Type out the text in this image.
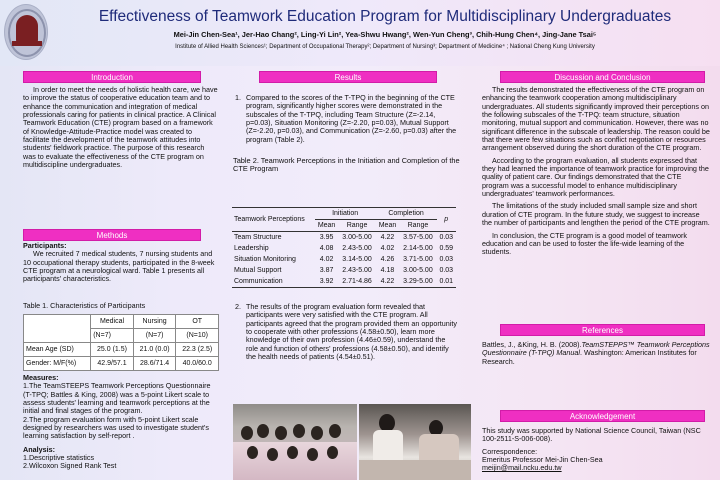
Effectiveness of Teamwork Education Program for Multidisciplinary Undergraduates
Mei-Jin Chen-Sea¹, Jer-Hao Chang², Ling-Yi Lin², Yea-Shwu Hwang², Wen-Yun Cheng³, Chih-Hung Chen⁴, Jing-Jane Tsai⁵
Institute of Allied Health Sciences¹; Department of Occupational Therapy²; Department of Nursing³; Department of Medicine⁴ ; National Cheng Kung University
Introduction

In order to meet the needs of holistic health care, we have to improve the status of cooperative education team and to enhance the communication and integration of medical professionals caring for patients in clinical practice. A Clinical Teamwork Education (CTE) program based on a framework of Knowledge-Attitude-Practice model was created to facilitate the development of the teamwork attitudes into students' fieldwork practice. The purpose of this research was to evaluate the effectiveness of the CTE program on multidiscipline undergraduates.

Methods
Participants:

We recruited 7 medical students, 7 nursing students and 10 occupational therapy students, participated in the 8-week CTE program at a neurological ward. Table 1 presents all participants' characteristics.

Table 1. Characteristics of Participants
	Medical	Nursing	OT
	(N=7)	(N=7)	(N=10)
Mean Age (SD)	25.0 (1.5)	21.0 (0.0)	22.3 (2.5)
Gender: M/F(%)	42.9/57.1	28.6/71.4	40.0/60.0
Measures:
1.The TeamSTEEPS Teamwork Perceptions Questionnaire (T-TPQ; Battles & King, 2008) was a 5-point Likert scale to assess students' learning and teamwork perceptions at the initial and final stages of the program.
2.The program evaluation form with 5-point Likert scale designed by researchers was used to investigate student's learning satisfaction by self-report .
Analysis:
1.Descriptive statistics
2.Wilcoxon Signed Rank Test
Results
1. Compared to the scores of the T-TPQ in the beginning of the CTE program, significantly higher scores were demonstrated in the subscales of the T-TPQ, including Team Structure (Z=-2.14, p=0.03), Situation Monitoring (Z=-2.20, p=0.03), Mutual Support (Z=-2.20, p=0.03), and Communication (Z=-2.60, p=0.03) after the program (Table 2).
Table 2. Teamwork Perceptions in the Initiation and Completion of the CTE Program
Teamwork Perceptions	Initiation		Completion		p
	Mean	Range	Mean	Range	
Team Structure	3.95	3.00-5.00	4.22	3.57-5.00	0.03
Leadership	4.08	2.43-5.00	4.02	2.14-5.00	0.59
Situation Monitoring	4.02	3.14-5.00	4.26	3.71-5.00	0.03
Mutual Support	3.87	2.43-5.00	4.18	3.00-5.00	0.03
Communication	3.92	2.71-4.86	4.22	3.29-5.00	0.01
2. The results of the program evaluation form revealed that participants were very satisfied with the CTE program. All participants agreed that the program provided them an opportunity to cooperate with other professions (4.58±0.50), learn more knowledge of their own profession (4.46±0.59), understand the role and function of others' professions (4.58±0.50), and identify the health needs of patients (4.54±0.51).
Discussion and Conclusion

The results demonstrated the effectiveness of the CTE program on enhancing the teamwork cooperation among multidisciplinary undergraduates. All students significantly improved their perceptions on the following subscales of the T-TPQ: team structure, situation monitoring, mutual support and communication. However, there was no significant difference in the subscale of leadership. The reason could be that there were few situations such as conflict negotiation or resources arrangement observed during the short duration of the CTE program.

According to the program evaluation, all students expressed that they had learned the importance of teamwork practice for improving the quality of patient care. Our findings demonstrated that the CTE program was a successful model to enhance multidisciplinary undergraduates' teamwork performances.

The limitations of the study included small sample size and short duration of CTE program. In the future study, we suggest to increase the number of participants and lengthen the period of the CTE program.

In conclusion, the CTE program is a good model of teamwork education and can be used to foster the life-wide learning of the students.

References
Battles, J., &King, H. B. (2008).TeamSTEPPS™ Teamwork Perceptions Questionnaire (T-TPQ) Manual. Washington: American Institutes for Research.
Acknowledgement
This study was supported by National Science Council, Taiwan (NSC 100-2511-S-006-008).
Correspondence:
Emeritus Professor Mei-Jin Chen-Sea
meijin@mail.ncku.edu.tw
